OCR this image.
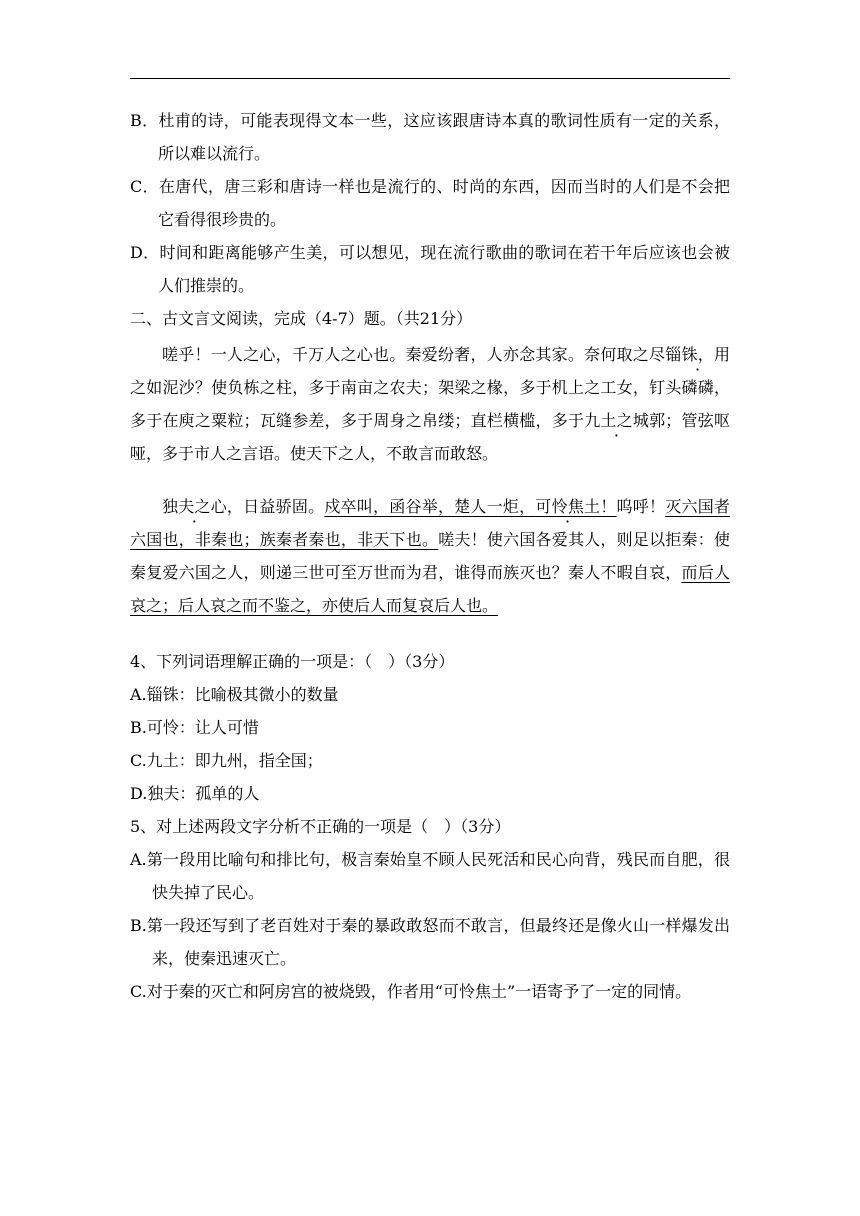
B．杜甫的诗，可能表现得文本一些，这应该跟唐诗本真的歌词性质有一定的关系，所以难以流行。
C．在唐代，唐三彩和唐诗一样也是流行的、时尚的东西，因而当时的人们是不会把它看得很珍贵的。
D．时间和距离能够产生美，可以想见，现在流行歌曲的歌词在若干年后应该也会被人们推崇的。
二、古文言文阅读，完成（4-7）题。（共21分）
嗟乎！一人之心，千万人之心也。秦爱纷奢，人亦念其家。奈何取之尽锱铢，用之如泥沙？使负栋之柱，多于南亩之农夫；架梁之椽，多于机上之工女，钉头磷磷，多于在庾之粟粒；瓦缝参差，多于周身之帛缕；直栏横槛，多于九土之城郭；管弦呕哑，多于市人之言语。使天下之人，不敢言而敢怒。
独夫之心，日益骄固。戍卒叫，函谷举，楚人一炬，可怜焦土！呜呼！灭六国者六国也，非秦也；族秦者秦也，非天下也。嗟夫！使六国各爱其人，则足以拒秦：使秦复爱六国之人，则递三世可至万世而为君，谁得而族灭也？秦人不暇自哀，而后人哀之；后人哀之而不鉴之，亦使后人而复哀后人也。
4、下列词语理解正确的一项是：（　）（3分）
A.锱铢：比喻极其微小的数量
B.可怜：让人可惜
C.九土：即九州，指全国；
D.独夫：孤单的人
5、对上述两段文字分析不正确的一项是（　）（3分）
A.第一段用比喻句和排比句，极言秦始皇不顾人民死活和民心向背，残民而自肥，很快失掉了民心。
B.第一段还写到了老百姓对于秦的暴政敢怒而不敢言，但最终还是像火山一样爆发出来，使秦迅速灭亡。
C.对于秦的灭亡和阿房宫的被烧毁，作者用“可怜焦土”一语寄予了一定的同情。
